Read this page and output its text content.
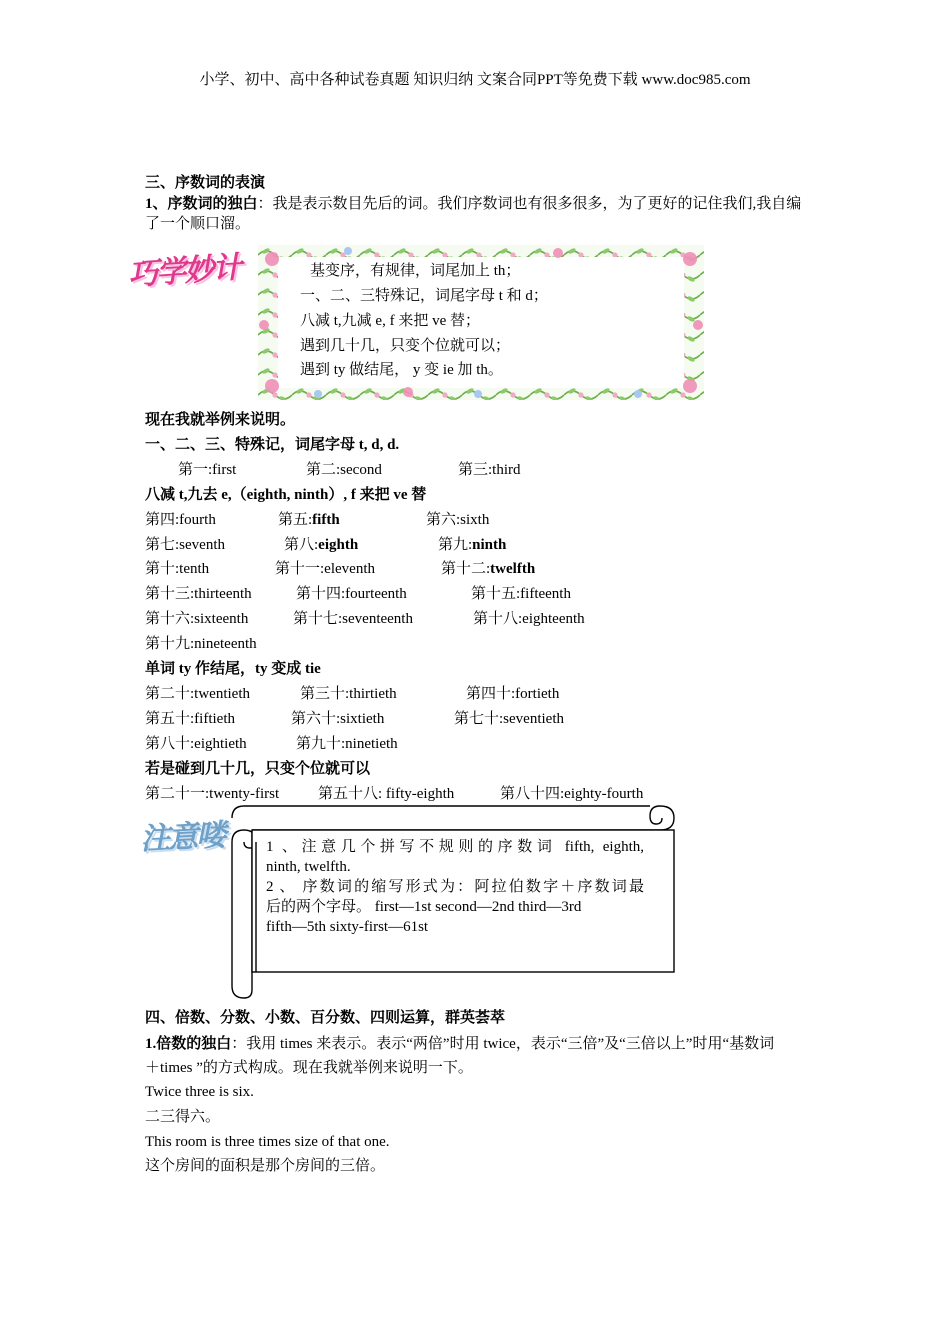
小学、初中、高中各种试卷真题 知识归纳 文案合同PPT等免费下载 www.doc985.com
三、序数词的表演
1、序数词的独白：我是表示数目先后的词。我们序数词也有很多很多，为了更好的记住我们,我自编了一个顺口溜。
巧学妙计	基变序，有规律，词尾加上 th；
一、二、三特殊记，词尾字母 t 和 d；
八减 t,九减 e, f 来把 ve 替；
遇到几十几，只变个位就可以；
遇到 ty 做结尾， y 变 ie 加 th。
现在我就举例来说明。
一、二、三、特殊记，词尾字母 t, d, d.
第一:first	第二:second	第三:third
八减 t,九去 e,（eighth, ninth）, f 来把 ve 替
第四:fourth	第五:fifth	第六:sixth
第七:seventh	第八:eighth	第九:ninth
第十:tenth	第十一:eleventh	第十二:twelfth
第十三:thirteenth	第十四:fourteenth	第十五:fifteenth
第十六:sixteenth	第十七:seventeenth	第十八:eighteenth
第十九:nineteenth
单词 ty 作结尾，ty 变成 tie
第二十:twentieth	第三十:thirtieth	第四十:fortieth
第五十:fiftieth	第六十:sixtieth	第七十:seventieth
第八十:eightieth	第九十:ninetieth
若是碰到几十几，只变个位就可以
第二十一:twenty-first	第五十八: fifty-eighth	第八十四:eighty-fourth
注意喽	1 、注意几个拼写不规则的序数词 fifth, eighth,
ninth, twelfth.
2 、 序数词的缩写形式为：阿拉伯数字＋序数词最
后的两个字母。 first—1st second—2nd third—3rd
fifth—5th sixty-first—61st
四、倍数、分数、小数、百分数、四则运算，群英荟萃
1.倍数的独白：我用 times 来表示。表示“两倍”时用 twice，表示“三倍”及“三倍以上”时用“基数词＋times ”的方式构成。现在我就举例来说明一下。
Twice three is six.
二三得六。
This room is three times size of that one.
这个房间的面积是那个房间的三倍。
